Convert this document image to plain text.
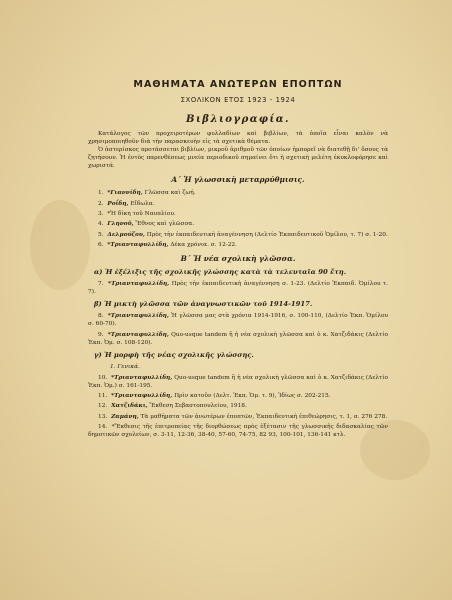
ΜΑΘΗΜΑΤΑ ΑΝΩΤΕΡΩΝ ΕΠΟΠΤΩΝ

ΣΧΟΛΙΚΟΝ ΕΤΟΣ 1923 - 1924

Βιβλιογραφία.

Κατάλογος τῶν προχειροτέρων φυλλαδίων καὶ βιβλίων, τὰ ὁποῖα εἶναι καλὸν νὰ χρησιμοποιηθοῦν διὰ τὴν παρασκευὴν εἰς τὰ σχετικὰ θέματα.

Ὁ ἀστερίσκος προτάσσεται βιβλίων, μικροῦ ἀριθμοῦ τῶν ὁποίων ἠμπορεῖ νὰ διατεθῇ δι' ὅσους τὰ ζητήσουν. Ἡ ἐντὸς παρενθέσεως μνεία περιοδικοῦ σημαίνει ὅτι ἡ σχετικὴ μελέτη ἐκυκλοφόρησε καὶ χωριστά.

Α΄ Ἡ γλωσσικὴ μεταρρύθμισις.
1. *Γιαννίδη, Γλῶσσα καὶ ζωή.
2. Ροΐδη, Εἴδωλα.
3. *Ἡ δίκη τοῦ Ναυπλίου.
4. Γληνοῦ, Ἔθνος καὶ γλῶσσα.
5. Δελμούζου, Πρὸς τὴν ἐκπαιδευτικὴ ἀναγέννηση (Δελτίο Ἐκπαιδευτικοῦ Ὁμίλου, τ. 7) σ. 1-20.
6. *Τριανταφυλλίδη, Δέκα χρόνια. σ. 12-22.
Β΄ Ἡ νέα σχολικὴ γλῶσσα.
α) Ἡ ἐξέλιξις τῆς σχολικῆς γλώσσης κατὰ τὰ τελευταῖα 90 ἔτη.
7. *Τριανταφυλλίδη, Πρὸς τὴν ἐκπαιδευτικὴ ἀναγέννηση σ. 1-23. (Δελτίο Ἐκπαιδ. Ὁμίλου τ. 7).
β) Ἡ μικτὴ γλῶσσα τῶν ἀναγνωστικῶν τοῦ 1914-1917.
8. *Τριανταφυλλίδη, Ἡ γλῶσσα μας στὰ χρόνια 1914-1916, σ. 100-110, (Δελτίο Ἐκπ. Ὁμίλου σ. 60-70).
9. *Τριανταφυλλίδη, Quo-usque tandem ἢ ἡ νέα σχολικὴ γλῶσσα καὶ ὁ κ. Χατζιδάκις (Δελτίο Ἐκπ. Ὁμ. σ. 108-120).
γ) Ἡ μορφὴ τῆς νέας σχολικῆς γλώσσης.
1. Γενικά.
10. *Τριανταφυλλίδη, Quo-usque tandem ἢ ἡ νέα σχολικὴ γλῶσσα καὶ ὁ κ. Χατζιδάκις (Δελτίο Ἐκπ. Ὁμ.) σ. 161-195.
11. *Τριανταφυλλίδη, Πρὶν κατοῦν (Δελτ. Ἐκπ. Ὁμ. τ. 9), Ἰδίως σ. 202-215.
12. Χατζιδάκι, Ἔκθεση Σεβαστοπουλείου, 1918.
13. Ζαμάνη, Τὰ μαθήματα τῶν ἀνωτέρων ἐποπτῶν, Ἐκπαιδευτικὴ ἐπιθεώρησις, τ. 1, σ. 276 278.
14. *Ἔκθεσις τῆς ἐπιτροπείας τῆς διορθώσεως πρὸς ἐξέτασιν τῆς γλωσσικῆς διδασκαλίας τῶν δημοτικῶν σχολείων, σ. 3-11, 12-36, 38-40, 57-60, 74-75, 82 93, 100-101, 136-141 κτλ.
